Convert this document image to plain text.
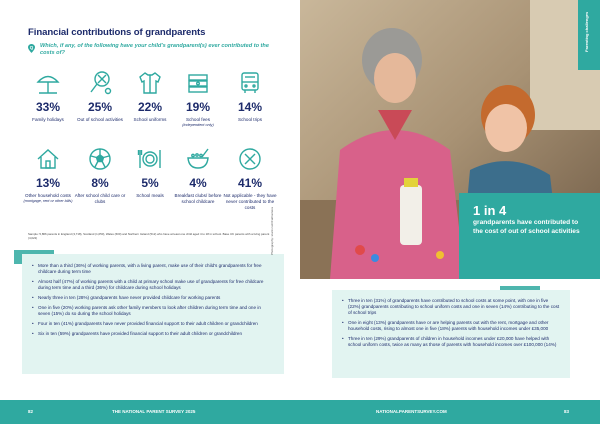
Financial contributions of grandparents
Q Which, if any, of the following have your child's grandparent(s) ever contributed to the costs of?
33%
Family holidays
25%
Out of school activities
22%
School uniforms
19%
School fees
(independent only)
14%
School trips
13%
Other household costs
(mortgage, rent or other bills)
8%
After school child care or clubs
5%
School meals
4%
Breakfast clubs/ before school childcare
41%
Not applicable - they have never contributed to the costs
Sample: 5,866 parents in England (3,718), Scotland (1,050), Wales (600) and Northern Ireland (512) who have at least one child aged 4 to 18 in school. Base UK parents with a living parent (4,022)
• More than a third (36%) of working parents, with a living parent, make use of their child's grandparents for free childcare during term time
• Almost half (47%) of working parents with a child at primary school make use of grandparents for free childcare during term time and a third (36%) for childcare during school holidays
• Nearly three in ten (28%) grandparents have never provided childcare for working parents
• One in five (20%) working parents ask other family members to look after children during term time and one in seven (15%) do so during the school holidays
• Four in ten (41%) grandparents have never provided financial support to their adult children or grandchildren
• Six in ten (59%) grandparents have provided financial support to their adult children or grandchildren
Photography: stock.com/FatCamera
Parenting challenges
1 in 4
grandparents have contributed to the cost of out of school activities
• Three in ten (31%) of grandparents have contributed to school costs at some point, with one in five (22%) grandparents contributing to school uniform costs and one in seven (14%) contributing to the cost of school trips
• One in eight (13%) grandparents have or are helping parents out with the rent, mortgage and other household costs, rising to almost one in five (18%) parents with household incomes under £35,000
• Three in ten (29%) grandparents of children in household incomes under £20,000 have helped with school uniform costs, twice as many as those of parents with household incomes over £100,000 (14%)
82	THE NATIONAL PARENT SURVEY 2025	NATIONALPARENTSURVEY.COM	83
